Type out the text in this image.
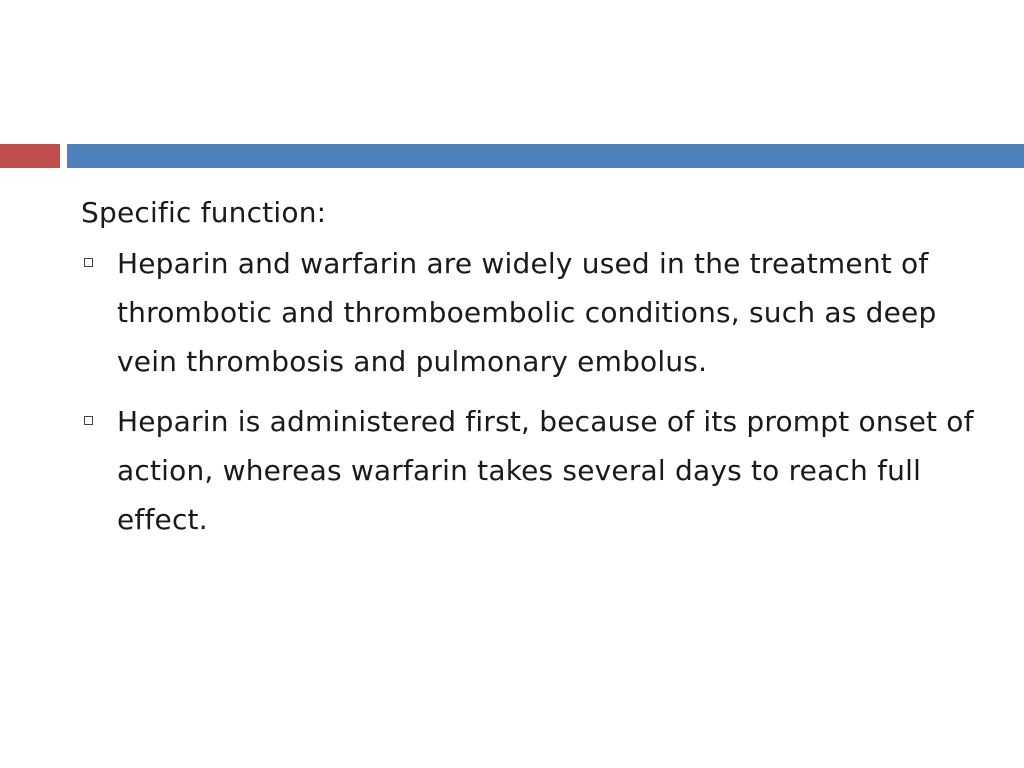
Specific function:
Heparin and warfarin are widely used in the treatment of thrombotic and thromboembolic conditions, such as deep vein thrombosis and pulmonary embolus.
Heparin is administered first, because of its prompt onset of action, whereas warfarin takes several days to reach full effect.
